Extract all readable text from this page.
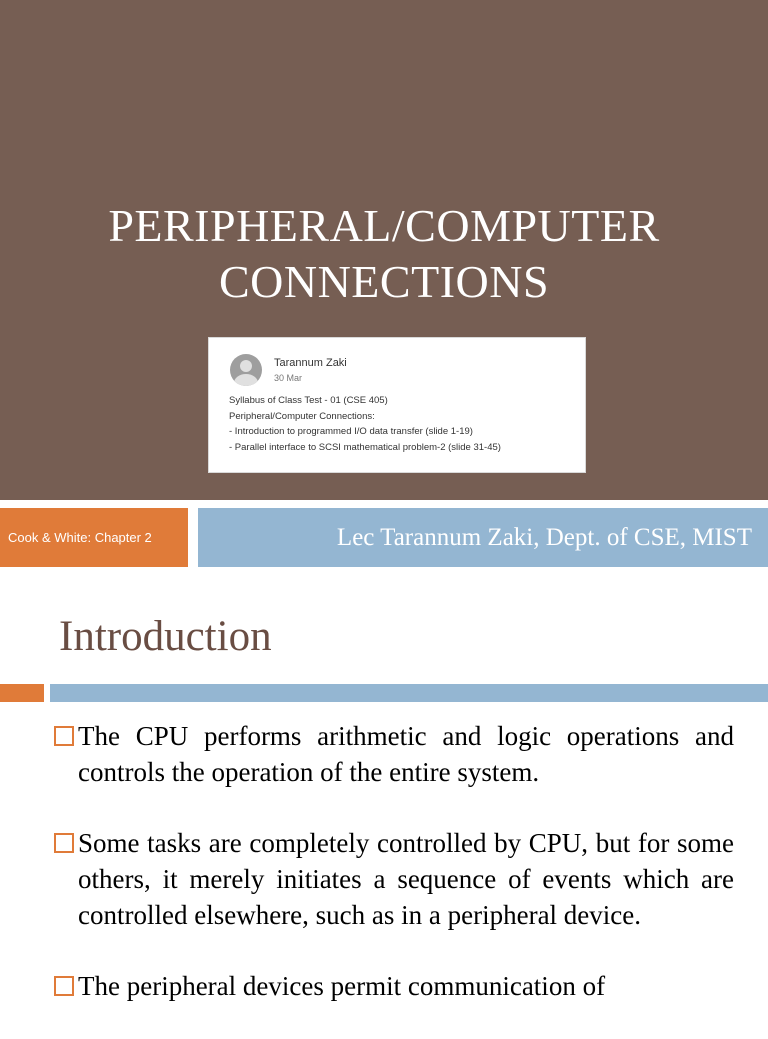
PERIPHERAL/COMPUTER
CONNECTIONS
Tarannum Zaki
30 Mar
Syllabus of Class Test - 01 (CSE 405)
Peripheral/Computer Connections:
- Introduction to programmed I/O data transfer (slide 1-19)
- Parallel interface to SCSI mathematical problem-2 (slide 31-45)
Cook & White: Chapter 2	Lec Tarannum Zaki, Dept. of CSE, MIST
Introduction
The CPU performs arithmetic and logic operations and controls the operation of the entire system.
Some tasks are completely controlled by CPU, but for some others, it merely initiates a sequence of events which are controlled elsewhere, such as in a peripheral device.
The peripheral devices permit communication of
